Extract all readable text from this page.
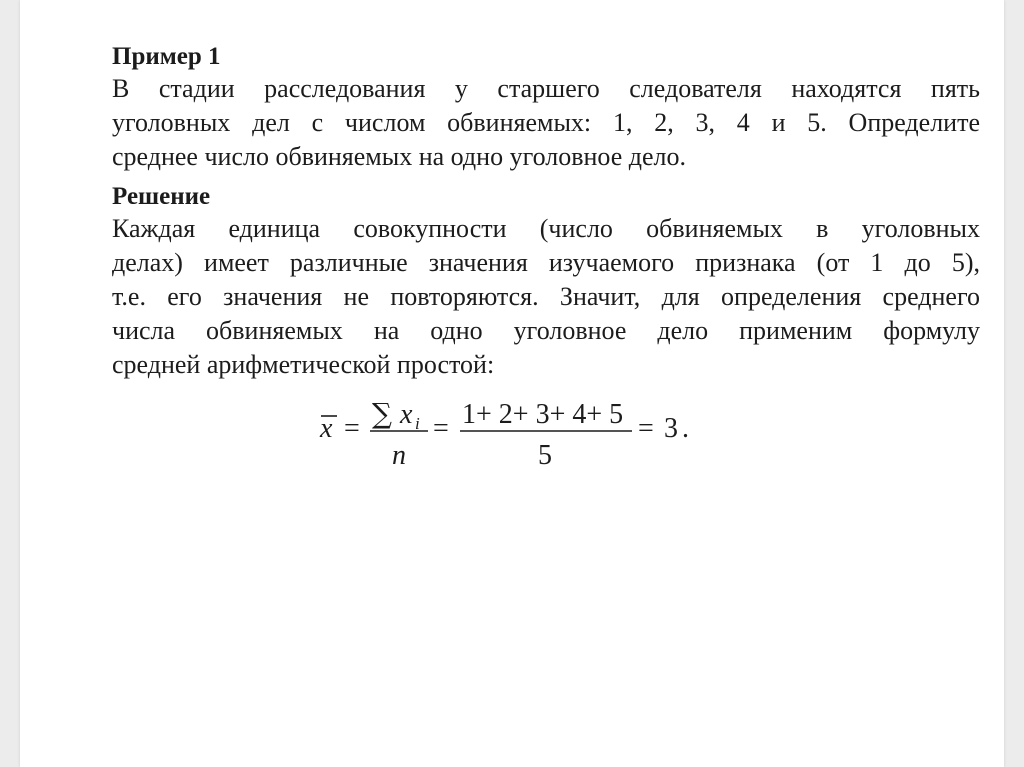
Пример 1

В стадии расследования у старшего следователя находятся пять
уголовных дел с числом обвиняемых: 1, 2, 3, 4 и 5. Определите
среднее число обвиняемых на одно уголовное дело.

Решение

Каждая единица совокупности (число обвиняемых в уголовных
делах) имеет различные значения изучаемого признака (от 1 до 5),
т.е. его значения не повторяются. Значит, для определения среднего
числа обвиняемых на одно уголовное дело применим формулу
средней арифметической простой:

x = ∑ x i
n
= 1+ 2+ 3+ 4+ 5
5
= 3 .
